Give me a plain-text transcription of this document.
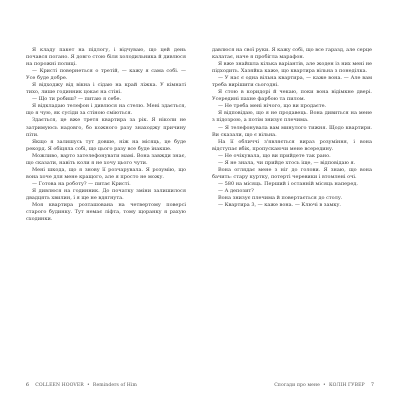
Я кладу пакет на підлогу, і відчуваю, що цей день почався погано. Я довго стою біля холодильника й дивлюся на порожні полиці.

— Кристі повернеться о третій, — кажу я сама собі. — Усе буде добре.

Я відходжу від вікна і сідаю на край ліжка. У кімнаті тихо, лише годинник цокає на стіні.

— Що ти робиш? — питаю я себе.

Я відкладаю телефон і дивлюся на стелю. Мені здається, що я чую, як сусіди за стіною сміються.

Здається, це вже третя квартира за рік. Я ніколи не затримуюсь надовго, бо кожного разу знаходжу причину піти.

Якщо я залишусь тут довше, ніж на місяць, це буде рекорд. Я обіцяла собі, що цього разу все буде інакше.

Можливо, варто зателефонувати мамі. Вона завжди знає, що сказати, навіть коли я не хочу цього чути.

Мені шкода, що я знову її розчарувала. Я розумію, що вона хоче для мене кращого, але я просто не можу.

— Готова на роботу? — питає Кристі.

Я дивлюся на годинник. До початку зміни залишилося двадцять хвилин, і я ще не вдягнута.

Моя квартира розташована на четвертому поверсі старого будинку. Тут немає ліфта, тому щоранку я рахую сходинки.

6 COLLEEN HOOVER  •  Reminders of Him

давлюся на свої руки. Я кажу собі, що все гаразд, але серце калатає, наче я пробігла марафон.

Я вже знайшла кілька варіантів, але жоден із них мені не підходить. Хазяйка каже, що квартира вільна з понеділка.

— У нас є одна вільна квартира, — каже вона. — Але вам треба вирішити сьогодні.

Я стою в коридорі й чекаю, поки вона відімкне двері. Усередині пахне фарбою та пилом.

— Не треба мені нічого, що ви продаєте.

Я відповідаю, що я не продавець. Вона дивиться на мене з підозрою, а потім знизує плечима.

— Я телефонувала вам минулого тижня. Щодо квартири. Ви сказали, що є вільна.

На її обличчі з'являється вираз розуміння, і вона відступає вбік, пропускаючи мене всередину.

— Не очікувала, що ви прийдете так рано.

— Я не знала, чи прийде хтось іще, — відповідаю я.

Вона оглядає мене з ніг до голови. Я знаю, що вона бачить: стару куртку, потерті черевики і втомлені очі.

— 580 на місяць. Перший і останній місяць наперед.

— А депозит?

Вона знизує плечима й повертається до столу.

— Квартира 3, — каже вона. — Ключі в замку.

Спогади про мене  •  КОЛІН ГУВЕР 7
